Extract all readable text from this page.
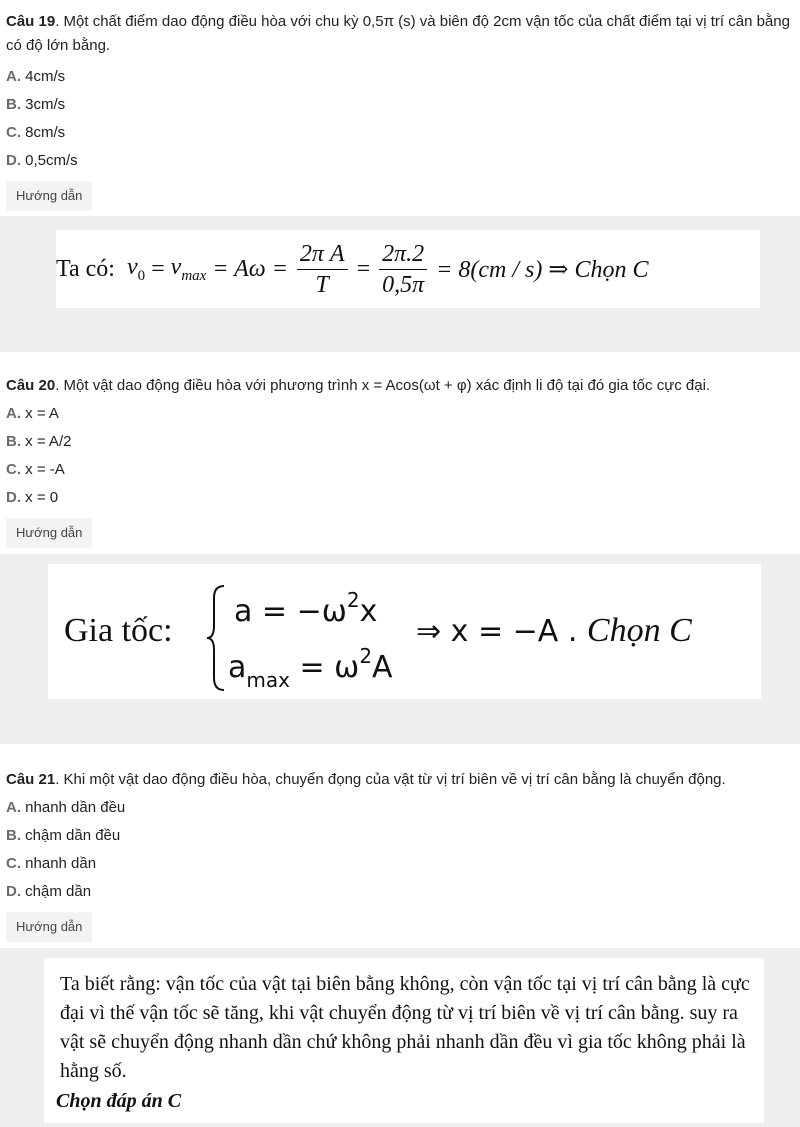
Câu 19. Một chất điểm dao động điều hòa với chu kỳ 0,5π (s) và biên độ 2cm vận tốc của chất điểm tại vị trí cân bằng có độ lớn bằng.
A. 4cm/s
B. 3cm/s
C. 8cm/s
D. 0,5cm/s
Hướng dẫn
Ta có: $v_0 = v_{max} = A\omega = \frac{\text{2π A}}{T} = \frac{2\pi.2}{0,5\pi} = 8(cm / s)$ ⇒ Chọn C
Câu 20. Một vật dao động điều hòa với phương trình x = Acos(ωt + φ) xác định li độ tại đó gia tốc cực đại.
A. x = A
B. x = A/2
C. x = -A
D. x = 0
Hướng dẫn
Gia tốc:
$a = -\omega^2x$
$a_{max} = \omega^2A$
⇒ x = −A . Chọn C
Câu 21. Khi một vật dao động điều hòa, chuyển đọng của vật từ vị trí biên về vị trí cân bằng là chuyển động.
A. nhanh dần đều
B. chậm dần đều
C. nhanh dần
D. chậm dần
Hướng dẫn
Ta biết rằng: vận tốc của vật tại biên bằng không, còn vận tốc tại vị trí cân bằng là cực đại vì thế vận tốc sẽ tăng, khi vật chuyển động từ vị trí biên về vị trí cân bằng. suy ra vật sẽ chuyển động nhanh dần chứ không phải nhanh dần đều vì gia tốc không phải là hằng số.
Chọn đáp án C
